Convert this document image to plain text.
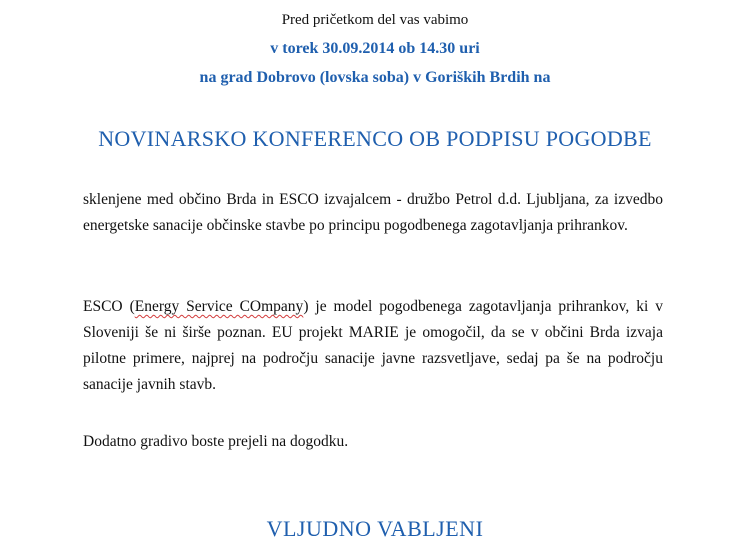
Pred pričetkom del vas vabimo
v torek 30.09.2014 ob 14.30 uri
na grad Dobrovo (lovska soba) v Goriških Brdih na
NOVINARSKO KONFERENCO OB PODPISU POGODBE

sklenjene med občino Brda in ESCO izvajalcem - družbo Petrol d.d. Ljubljana, za izvedbo energetske sanacije občinske stavbe po principu pogodbenega zagotavljanja prihrankov.

ESCO (Energy Service COmpany) je model pogodbenega zagotavljanja prihrankov, ki v Sloveniji še ni širše poznan. EU projekt MARIE je omogočil, da se v občini Brda izvaja pilotne primere, najprej na področju sanacije javne razsvetljave, sedaj pa še na področju sanacije javnih stavb.

Dodatno gradivo boste prejeli na dogodku.

VLJUDNO VABLJENI
